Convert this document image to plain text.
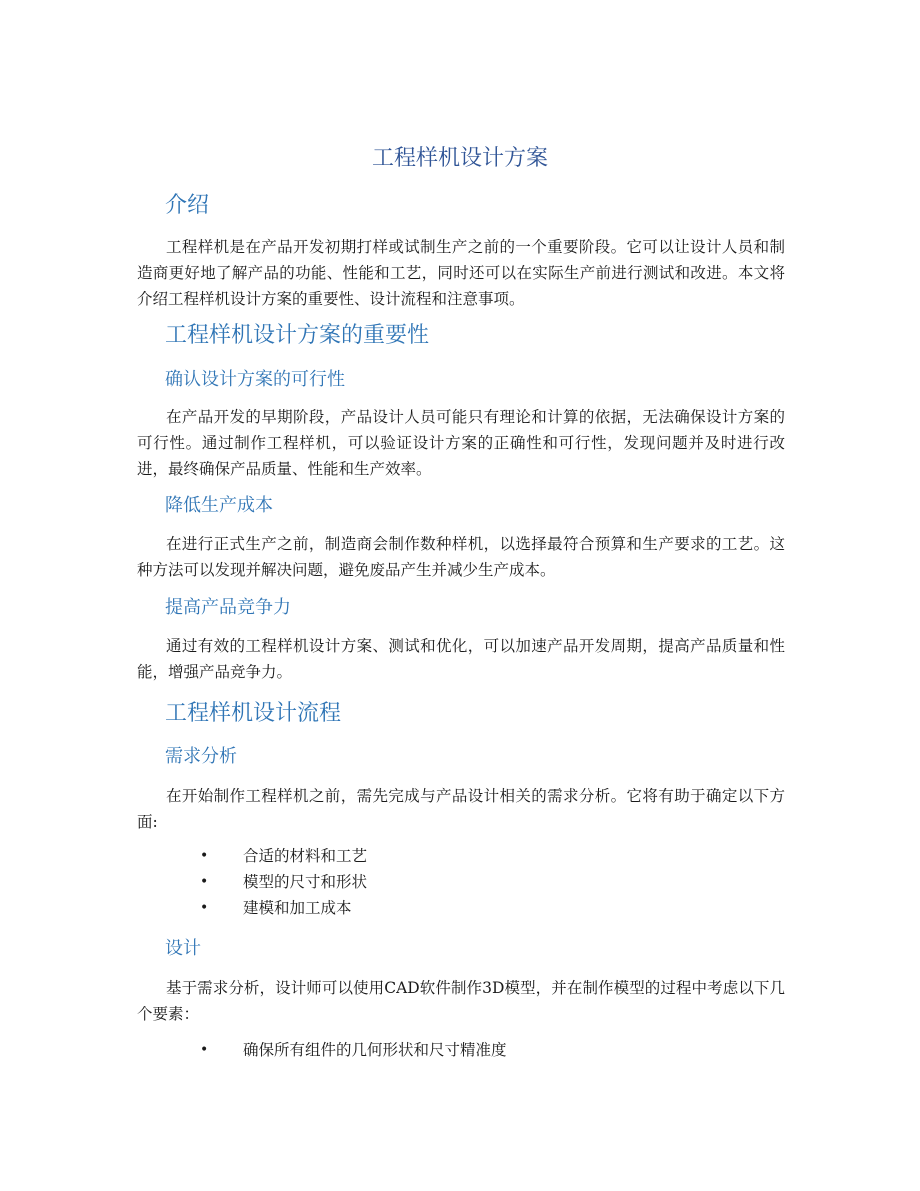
工程样机设计方案
介绍

工程样机是在产品开发初期打样或试制生产之前的一个重要阶段。它可以让设计人员和制造商更好地了解产品的功能、性能和工艺，同时还可以在实际生产前进行测试和改进。本文将介绍工程样机设计方案的重要性、设计流程和注意事项。

工程样机设计方案的重要性
确认设计方案的可行性

在产品开发的早期阶段，产品设计人员可能只有理论和计算的依据，无法确保设计方案的可行性。通过制作工程样机，可以验证设计方案的正确性和可行性，发现问题并及时进行改进，最终确保产品质量、性能和生产效率。

降低生产成本

在进行正式生产之前，制造商会制作数种样机，以选择最符合预算和生产要求的工艺。这种方法可以发现并解决问题，避免废品产生并减少生产成本。

提高产品竞争力

通过有效的工程样机设计方案、测试和优化，可以加速产品开发周期，提高产品质量和性能，增强产品竞争力。

工程样机设计流程
需求分析

在开始制作工程样机之前，需先完成与产品设计相关的需求分析。它将有助于确定以下方面:

• 合适的材料和工艺
• 模型的尺寸和形状
• 建模和加工成本
设计

基于需求分析，设计师可以使用CAD软件制作3D模型，并在制作模型的过程中考虑以下几个要素：

• 确保所有组件的几何形状和尺寸精准度
